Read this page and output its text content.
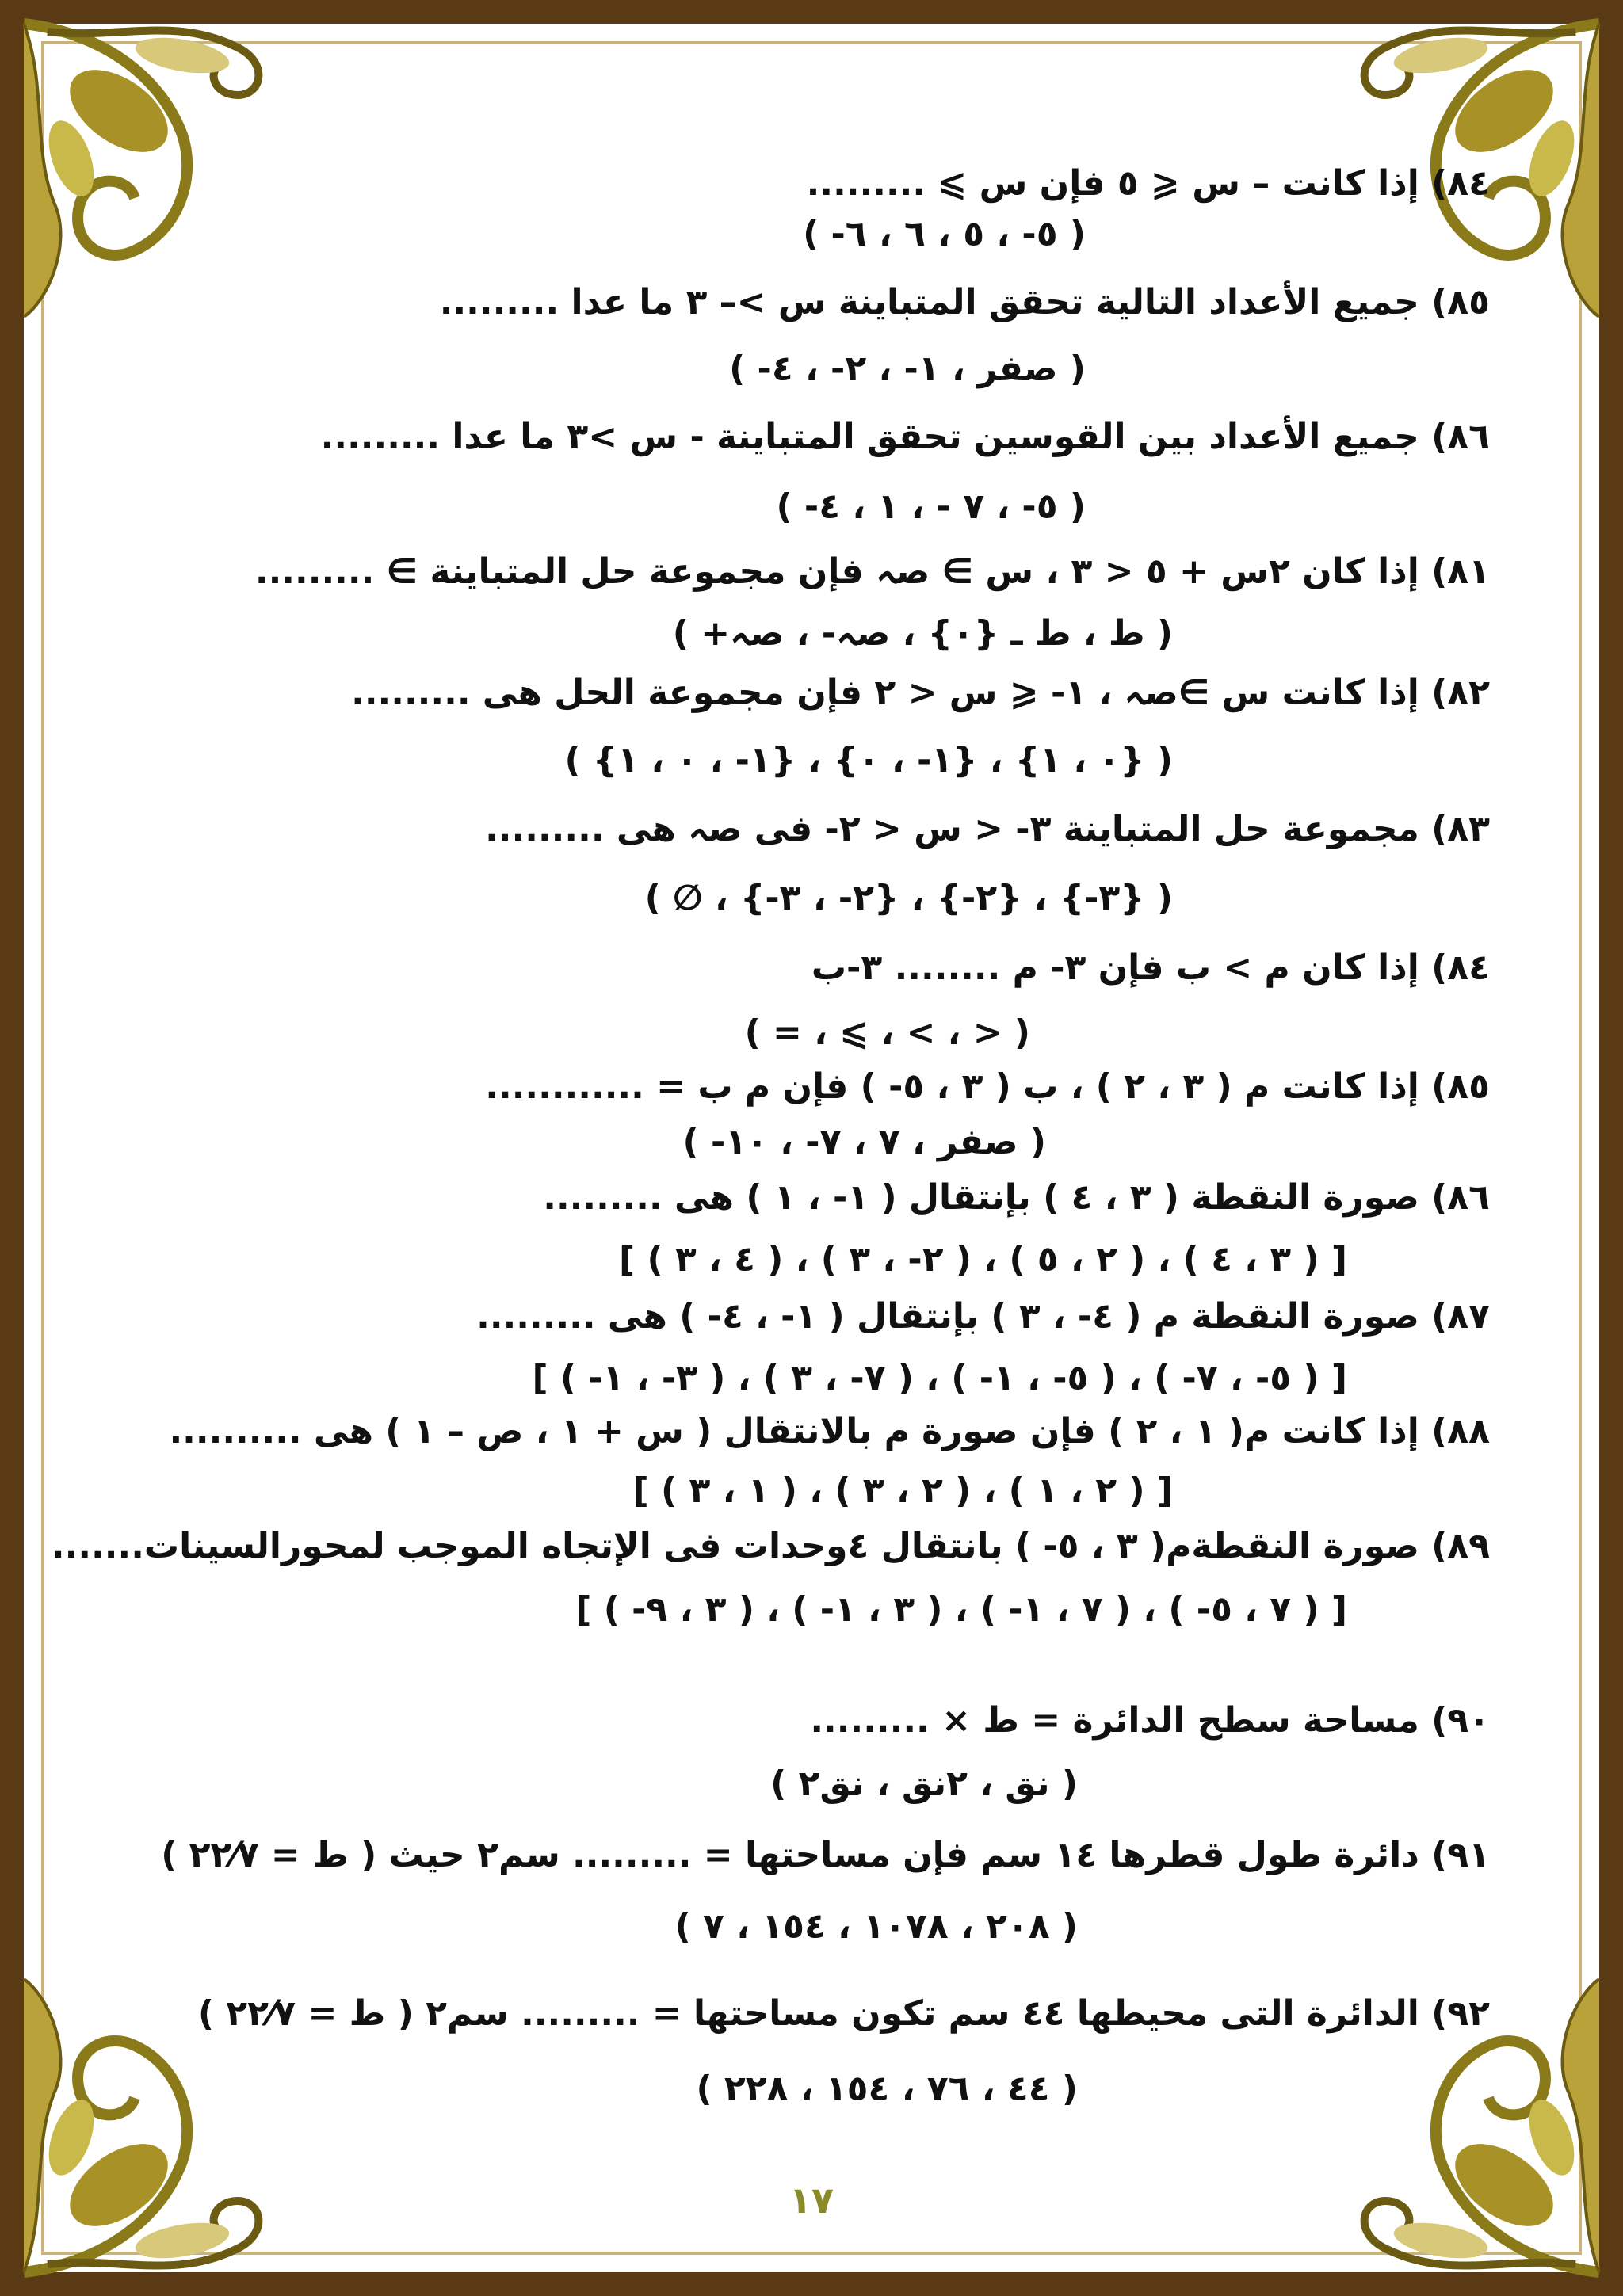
٨٤) إذا كانت – س ⩽ ٥ فإن س ⩾ .........
( ٥- ، ٥ ، ٦ ، ٦- )
٨٥) جميع الأعداد التالية تحقق المتباينة س >– ٣ ما عدا .........
( صفر ، ١- ، ٢- ، ٤- )
٨٦) جميع الأعداد بين القوسين تحقق المتباينة - س >٣ ما عدا .........
( ٥- ، ٧ - ، ١ ، ٤- )
٨١) إذا كان ٢س + ٥ < ٣ ، س ∋ صہ فإن مجموعة حل المتباينة ∋ .........
( ط ، ط ـ {٠} ، صہ- ، صہ+ )
٨٢) إذا كانت س ∋صہ ، ١- ⩽ س < ٢ فإن مجموعة الحل هى .........
( {٠ ، ١} ، {١- ، ٠} ، {١- ، ٠ ، ١} )
٨٣) مجموعة حل المتباينة ٣- < س < ٢- فى صہ هى .........
( {٣-} ، {٢-} ، {٢- ، ٣-} ، ∅ )
٨٤) إذا كان م > ب فإن ٣- م ........ ٣-ب
( < ، > ، ⩾ ، = )
٨٥) إذا كانت م ( ٣ ، ٢ ) ، ب ( ٣ ، ٥- ) فإن م ب = ............
( صفر ، ٧ ، ٧- ، ١٠- )
٨٦) صورة النقطة ( ٣ ، ٤ ) بإنتقال ( ١- ، ١ ) هى .........
[ ( ٣ ، ٤ ) ، ( ٢ ، ٥ ) ، ( ٢- ، ٣ ) ، ( ٤ ، ٣ ) ]
٨٧) صورة النقطة م ( ٤- ، ٣ ) بإنتقال ( ١- ، ٤- ) هى .........
[ ( ٥- ، ٧- ) ، ( ٥- ، ١- ) ، ( ٧- ، ٣ ) ، ( ٣- ، ١- ) ]
٨٨) إذا كانت م( ١ ، ٢ ) فإن صورة م بالانتقال ( س + ١ ، ص – ١ ) هى ..........
[ ( ٢ ، ١ ) ، ( ٢ ، ٣ ) ، ( ١ ، ٣ ) ]
٨٩) صورة النقطةم( ٣ ، ٥- ) بانتقال ٤وحدات فى الإتجاه الموجب لمحورالسينات.......
[ ( ٧ ، ٥- ) ، ( ٧ ، ١- ) ، ( ٣ ، ١- ) ، ( ٣ ، ٩- ) ]
٩٠) مساحة سطح الدائرة = ط × .........
( نق ، ٢نق ، نق٢ )
٩١) دائرة طول قطرها ١٤ سم فإن مساحتها = ......... سم٢ حيث ( ط = ٢٢⁄٧ )
( ٢٠٨ ، ١٠٧٨ ، ١٥٤ ، ٧ )
٩٢) الدائرة التى محيطها ٤٤ سم تكون مساحتها = ......... سم٢ ( ط = ٢٢⁄٧ )
( ٤٤ ، ٧٦ ، ١٥٤ ، ٢٢٨ )
١٧
